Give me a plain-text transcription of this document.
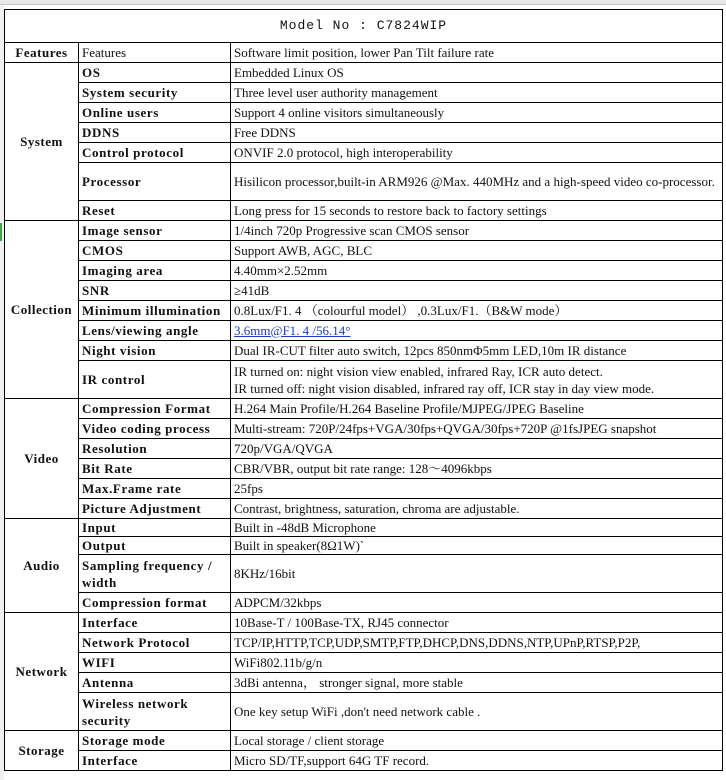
Model No : C7824WIP		
Features	Features	Software limit position, lower Pan Tilt failure rate
System	OS	Embedded Linux OS
	System security	Three level user authority management
	Online users	Support 4 online visitors simultaneously
	DDNS	Free DDNS
	Control protocol	ONVIF 2.0 protocol, high interoperability
	Processor	Hisilicon processor,built-in ARM926 @Max. 440MHz and a high-speed video co-processor.
	Reset	Long press for 15 seconds to restore back to factory settings
Collection	Image sensor	1/4inch 720p Progressive scan CMOS sensor
	CMOS	Support AWB, AGC, BLC
	Imaging area	4.40mm×2.52mm
	SNR	≥41dB
	Minimum illumination	0.8Lux/F1. 4 （colourful model） ,0.3Lux/F1.（B&W mode）
	Lens/viewing angle	3.6mm@F1. 4 /56.14°
	Night vision	Dual IR-CUT filter auto switch, 12pcs 850nmΦ5mm LED,10m IR distance
	IR control	IR turned on: night vision view enabled, infrared Ray, ICR auto detect.
IR turned off: night vision disabled, infrared ray off, ICR stay in day view mode.

Video	Compression Format	H.264 Main Profile/H.264 Baseline Profile/MJPEG/JPEG Baseline
	Video coding process	Multi-stream: 720P/24fps+VGA/30fps+QVGA/30fps+720P @1fsJPEG snapshot
	Resolution	720p/VGA/QVGA
	Bit Rate	CBR/VBR, output bit rate range: 128～4096kbps
	Max.Frame rate	25fps
	Picture Adjustment	Contrast, brightness, saturation, chroma are adjustable.
Audio	Input	Built in -48dB Microphone
	Output	Built in speaker(8Ω1W)`
	Sampling frequency / width	8KHz/16bit
	Compression format	ADPCM/32kbps
Network	Interface	10Base-T / 100Base-TX, RJ45 connector
	Network Protocol	TCP/IP,HTTP,TCP,UDP,SMTP,FTP,DHCP,DNS,DDNS,NTP,UPnP,RTSP,P2P,
	WIFI	WiFi802.11b/g/n
	Antenna	3dBi antenna， stronger signal, more stable
	Wireless network security	One key setup WiFi ,don't need network cable .
Storage	Storage mode	Local storage / client storage
	Interface	Micro SD/TF,support 64G TF record.
